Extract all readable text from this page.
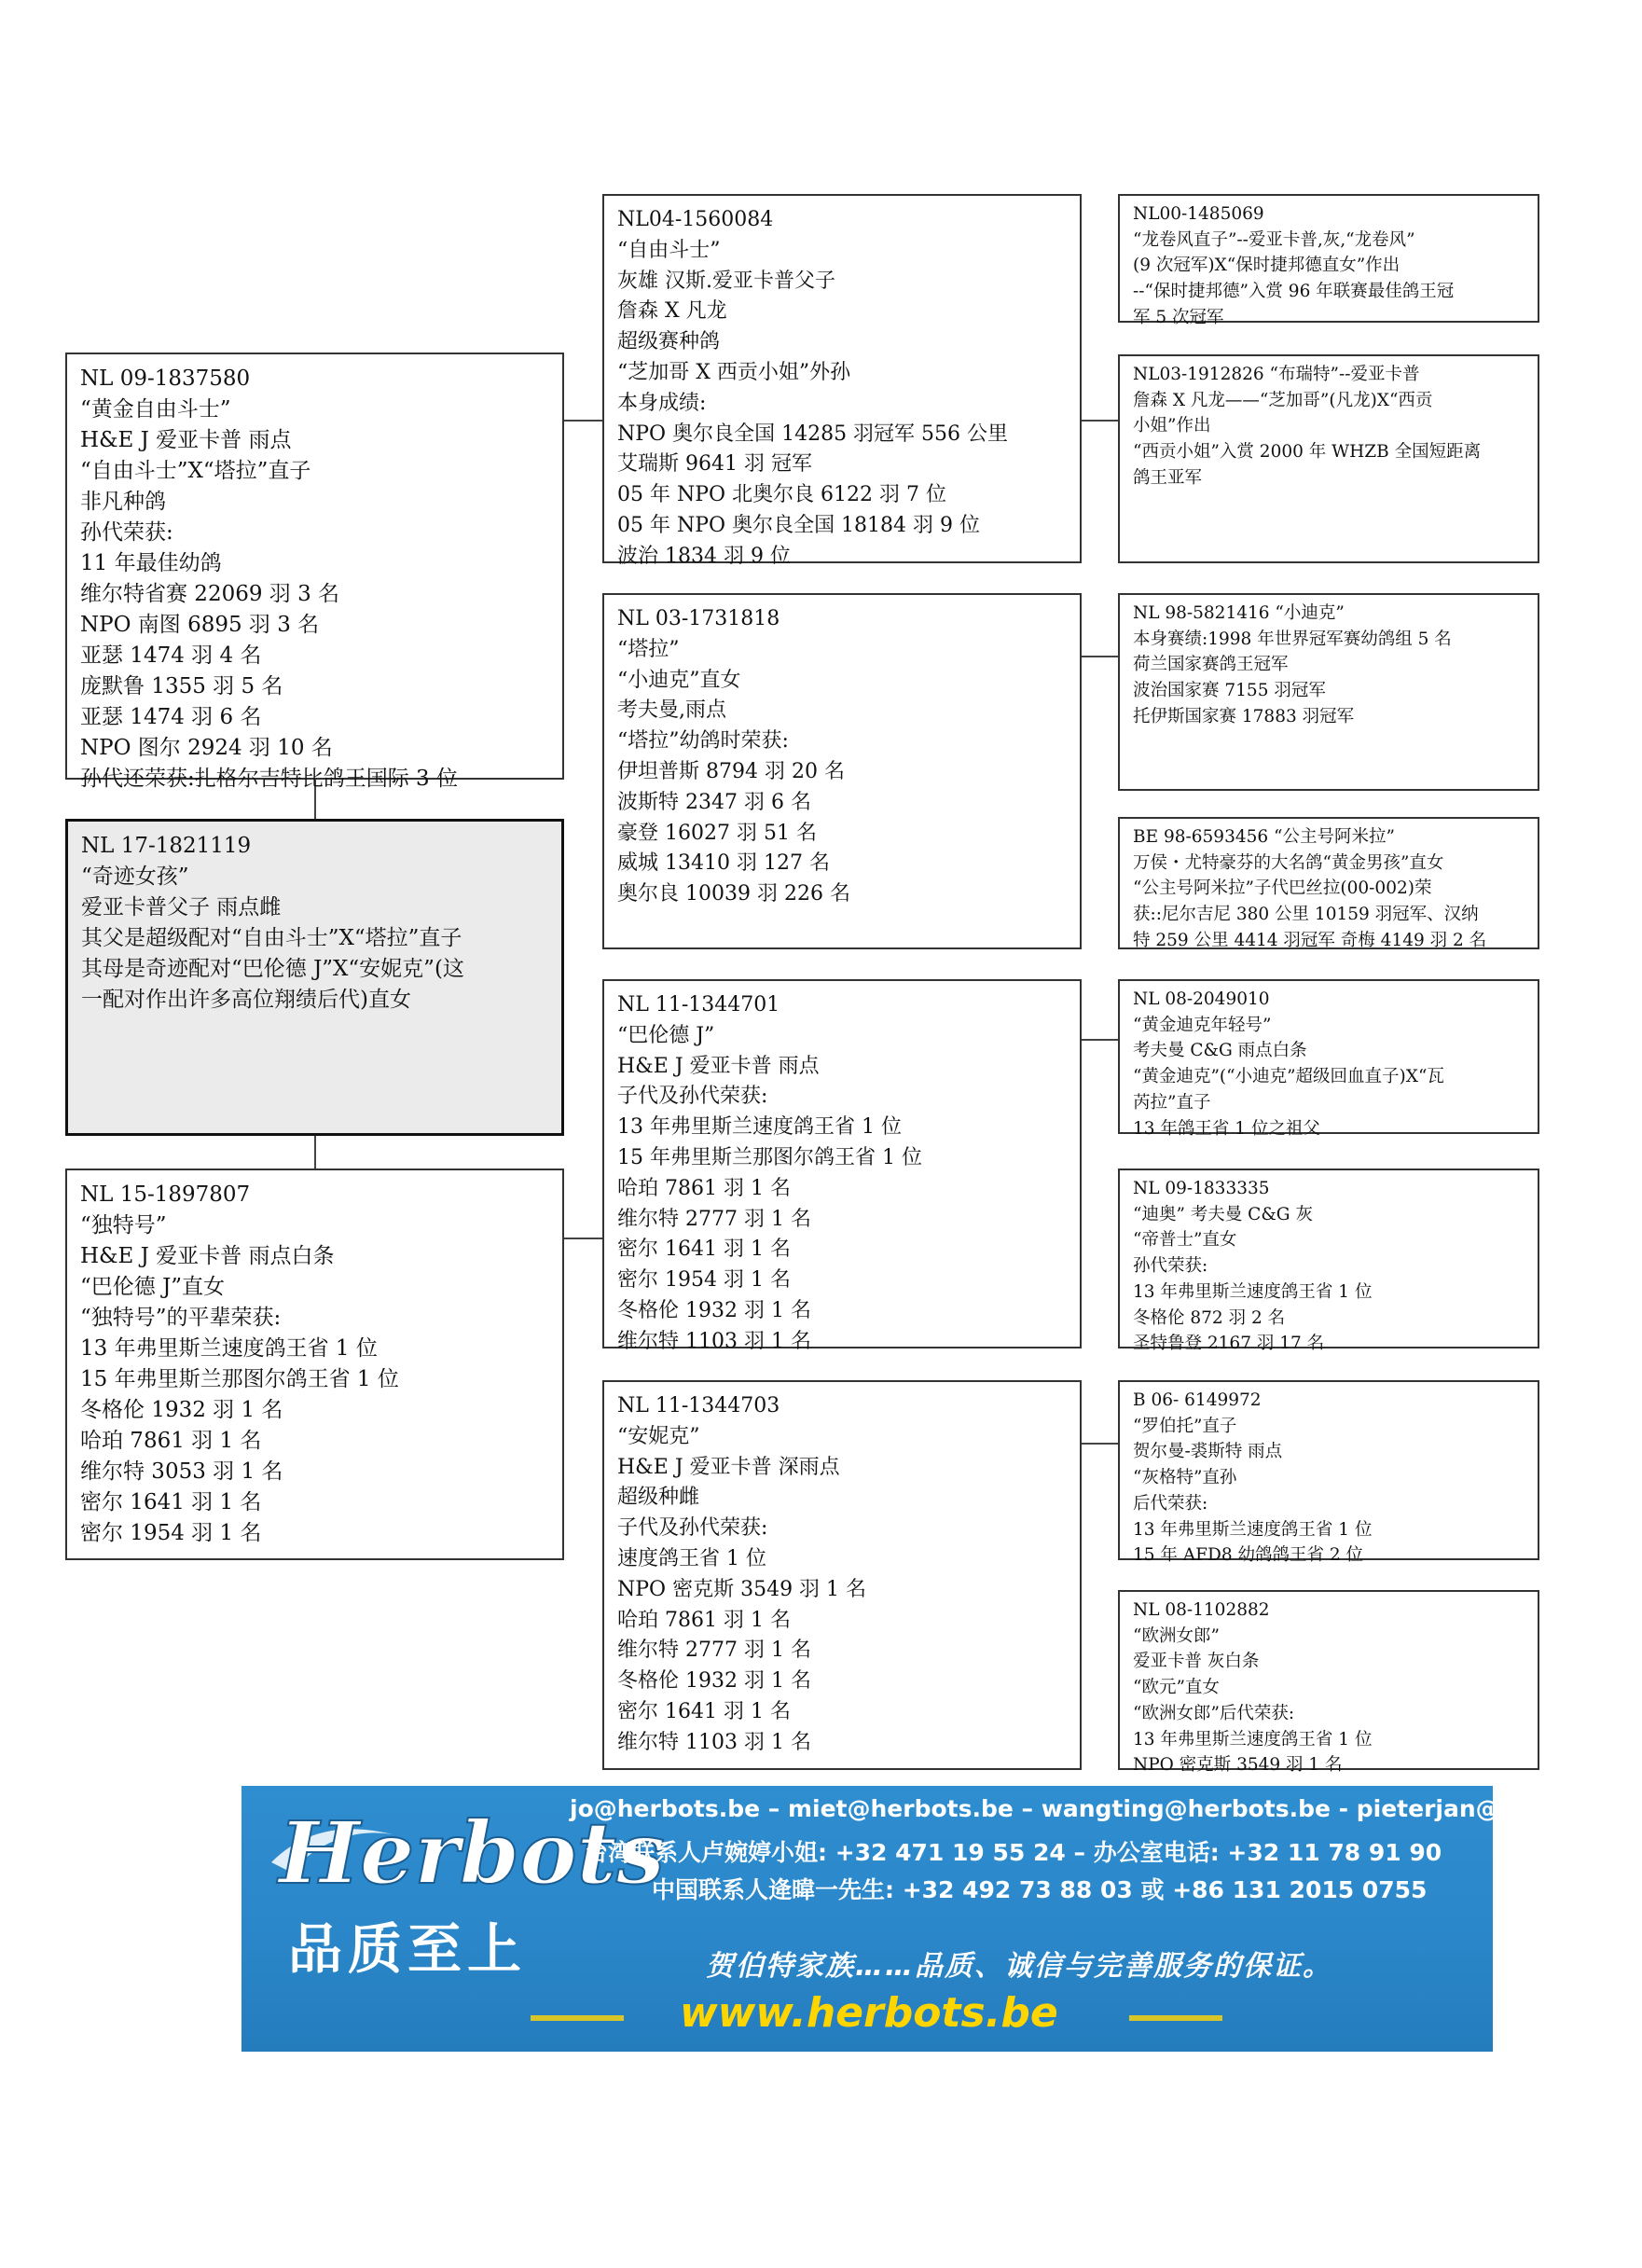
NL 09-1837580
“黄金自由斗士”
H&E J 爱亚卡普 雨点
“自由斗士”X“塔拉”直子
非凡种鸽
孙代荣获:
11 年最佳幼鸽
维尔特省赛 22069 羽 3 名
NPO 南图 6895 羽 3 名
亚瑟 1474 羽 4 名
庞默鲁 1355 羽 5 名
亚瑟 1474 羽 6 名
NPO 图尔 2924 羽 10 名
孙代还荣获:扎格尔吉特比鸽王国际 3 位
NL 17-1821119
“奇迹女孩”
爱亚卡普父子 雨点雌
其父是超级配对“自由斗士”X“塔拉”直子
其母是奇迹配对“巴伦德 J”X“安妮克”(这
一配对作出许多高位翔绩后代)直女
NL 15-1897807
“独特号”
H&E J 爱亚卡普 雨点白条
“巴伦德 J”直女
“独特号”的平辈荣获:
13 年弗里斯兰速度鸽王省 1 位
15 年弗里斯兰那图尔鸽王省 1 位
冬格伦 1932 羽 1 名
哈珀 7861 羽 1 名
维尔特 3053 羽 1 名
密尔 1641 羽 1 名
密尔 1954 羽 1 名
NL04-1560084
“自由斗士”
灰雄 汉斯.爱亚卡普父子
詹森 X 凡龙
超级赛种鸽
“芝加哥 X 西贡小姐”外孙
本身成绩:
NPO 奥尔良全国 14285 羽冠军 556 公里
艾瑞斯 9641 羽 冠军
05 年 NPO 北奥尔良 6122 羽 7 位
05 年 NPO 奥尔良全国 18184 羽 9 位
波治 1834 羽 9 位
NL 03-1731818
“塔拉”
“小迪克”直女
考夫曼,雨点
“塔拉”幼鸽时荣获:
伊坦普斯 8794 羽 20 名
波斯特 2347 羽 6 名
豪登 16027 羽 51 名
威城 13410 羽 127 名
奥尔良 10039 羽 226 名
NL 11-1344701
“巴伦德 J”
H&E J 爱亚卡普 雨点
子代及孙代荣获:
13 年弗里斯兰速度鸽王省 1 位
15 年弗里斯兰那图尔鸽王省 1 位
哈珀 7861 羽 1 名
维尔特 2777 羽 1 名
密尔 1641 羽 1 名
密尔 1954 羽 1 名
冬格伦 1932 羽 1 名
维尔特 1103 羽 1 名
NL 11-1344703
“安妮克”
H&E J 爱亚卡普 深雨点
超级种雌
子代及孙代荣获:
速度鸽王省 1 位
NPO 密克斯 3549 羽 1 名
哈珀 7861 羽 1 名
维尔特 2777 羽 1 名
冬格伦 1932 羽 1 名
密尔 1641 羽 1 名
维尔特 1103 羽 1 名
NL00-1485069
“龙卷风直子”--爱亚卡普,灰,“龙卷风”
(9 次冠军)X“保时捷邦德直女”作出
--“保时捷邦德”入赏 96 年联赛最佳鸽王冠
军 5 次冠军
NL03-1912826 “布瑞特”--爱亚卡普
詹森 X 凡龙——“芝加哥”(凡龙)X“西贡
小姐”作出
“西贡小姐”入赏 2000 年 WHZB 全国短距离
鸽王亚军
NL 98-5821416 “小迪克”
本身赛绩:1998 年世界冠军赛幼鸽组 5 名
荷兰国家赛鸽王冠军
波治国家赛 7155 羽冠军
托伊斯国家赛 17883 羽冠军
BE 98-6593456 “公主号阿米拉”
万侯・尤特豪芬的大名鸽“黄金男孩”直女
“公主号阿米拉”子代巴丝拉(00-002)荣
获::尼尔吉尼 380 公里 10159 羽冠军、汉纳
特 259 公里 4414 羽冠军 奇梅 4149 羽 2 名
NL 08-2049010
“黄金迪克年轻号”
考夫曼 C&G 雨点白条
“黄金迪克”(“小迪克”超级回血直子)X“瓦
芮拉”直子
13 年鸽王省 1 位之祖父
NL 09-1833335
“迪奥” 考夫曼 C&G 灰
“帝普士”直女
孙代荣获:
13 年弗里斯兰速度鸽王省 1 位
冬格伦 872 羽 2 名
圣特鲁登 2167 羽 17 名
B 06- 6149972
“罗伯托”直子
贺尔曼-裘斯特 雨点
“灰格特”直孙
后代荣获:
13 年弗里斯兰速度鸽王省 1 位
15 年 AFD8 幼鸽鸽王省 2 位
NL 08-1102882
“欧洲女郎”
爱亚卡普 灰白条
“欧元”直女
“欧洲女郎”后代荣获:
13 年弗里斯兰速度鸽王省 1 位
NPO 密克斯 3549 羽 1 名
Herbots
品质至上
jo@herbots.be – miet@herbots.be – wangting@herbots.be - pieterjan@herbots.be
台湾联系人卢婉婷小姐: +32 471 19 55 24 – 办公室电话: +32 11 78 91 90
中国联系人逄暐一先生: +32 492 73 88 03 或 +86 131 2015 0755
贺伯特家族……品质、诚信与完善服务的保证。
www.herbots.be
